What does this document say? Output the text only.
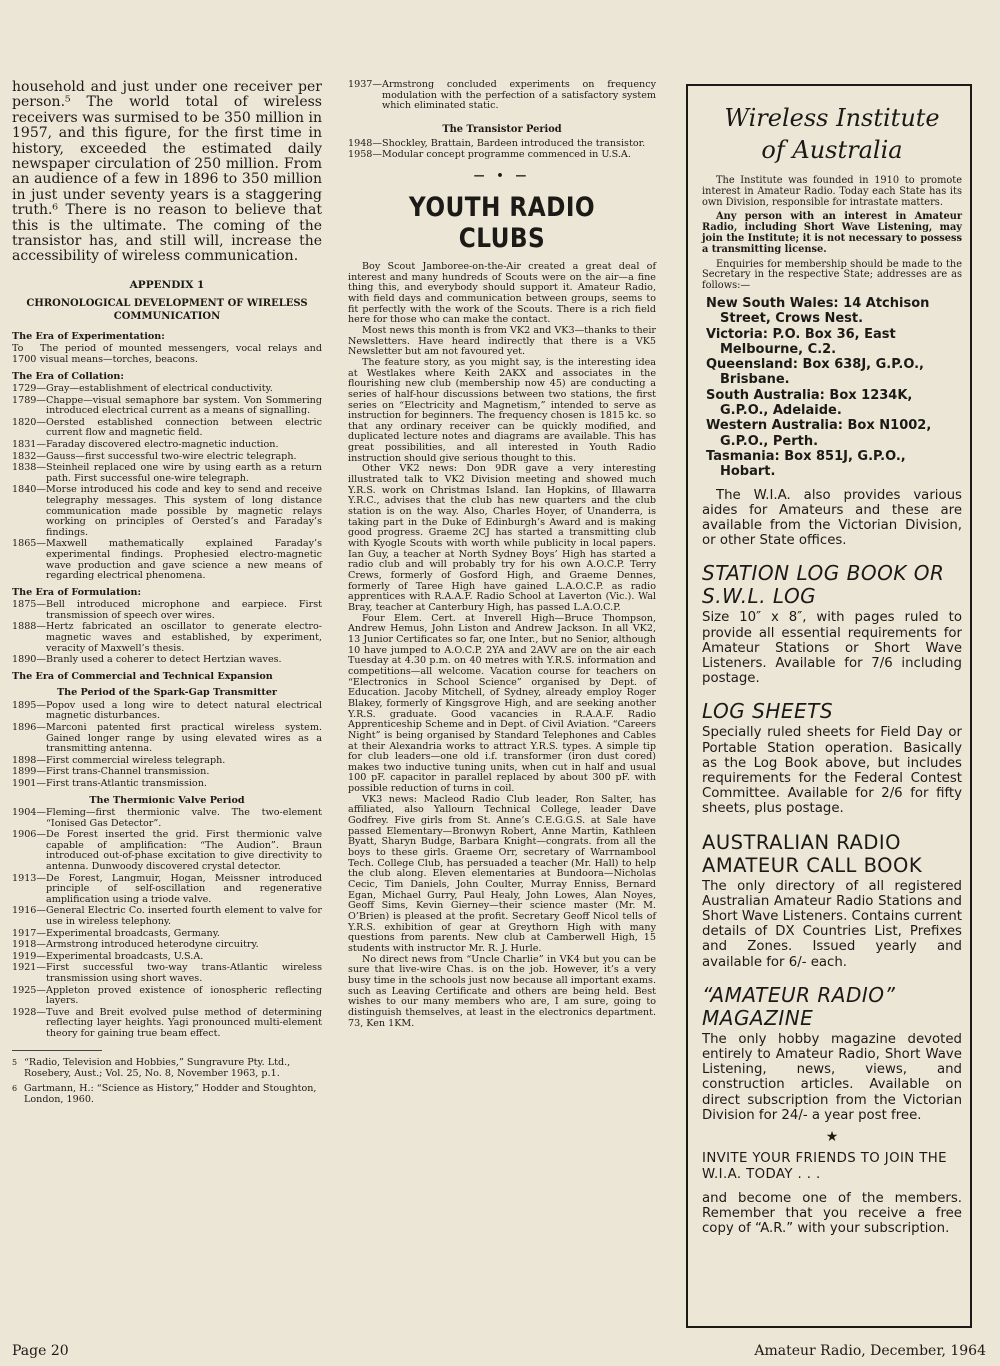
household and just under one receiver per person.⁵ The world total of wireless receivers was surmised to be 350 million in 1957, and this figure, for the first time in history, exceeded the estimated daily newspaper circulation of 250 million. From an audience of a few in 1896 to 350 million in just under seventy years is a staggering truth.⁶ There is no reason to believe that this is the ultimate. The coming of the transistor has, and still will, increase the accessibility of wireless communication.

APPENDIX 1
CHRONOLOGICAL DEVELOPMENT OF WIRELESS COMMUNICATION
The Era of Experimentation:
To 1700
The period of mounted messengers, vocal relays and visual means—torches, beacons.
The Era of Collation:
1729— Gray—establishment of electrical conductivity.
1789— Chappe—visual semaphore bar system. Von Sommering introduced electrical current as a means of signalling.
1820— Oersted established connection between electric current flow and magnetic field.
1831— Faraday discovered electro-magnetic induction.
1832— Gauss—first successful two-wire electric telegraph.
1838— Steinheil replaced one wire by using earth as a return path. First successful one-wire telegraph.
1840— Morse introduced his code and key to send and receive telegraphy messages. This system of long distance communication made possible by magnetic relays working on principles of Oersted’s and Faraday’s findings.
1865— Maxwell mathematically explained Faraday’s experimental findings. Prophesied electro-magnetic wave production and gave science a new means of regarding electrical phenomena.
The Era of Formulation:
1875— Bell introduced microphone and earpiece. First transmission of speech over wires.
1888— Hertz fabricated an oscillator to generate electro-magnetic waves and established, by experiment, veracity of Maxwell’s thesis.
1890— Branly used a coherer to detect Hertzian waves.
The Era of Commercial and Technical Expansion
The Period of the Spark-Gap Transmitter
1895— Popov used a long wire to detect natural electrical magnetic disturbances.
1896— Marconi patented first practical wireless system. Gained longer range by using elevated wires as a transmitting antenna.
1898— First commercial wireless telegraph.
1899— First trans-Channel transmission.
1901— First trans-Atlantic transmission.
The Thermionic Valve Period
1904— Fleming—first thermionic valve. The two-element “Ionised Gas Detector”.
1906— De Forest inserted the grid. First thermionic valve capable of amplification: “The Audion”. Braun introduced out-of-phase excitation to give directivity to antenna. Dunwoody discovered crystal detector.
1913— De Forest, Langmuir, Hogan, Meissner introduced principle of self-oscillation and regenerative amplification using a triode valve.
1916— General Electric Co. inserted fourth element to valve for use in wireless telephony.
1917— Experimental broadcasts, Germany.
1918— Armstrong introduced heterodyne circuitry.
1919— Experimental broadcasts, U.S.A.
1921— First successful two-way trans-Atlantic wireless transmission using short waves.
1925— Appleton proved existence of ionospheric reflecting layers.
1928— Tuve and Breit evolved pulse method of determining reflecting layer heights. Yagi pronounced multi-element theory for gaining true beam effect.
5 “Radio, Television and Hobbies,” Sungravure Pty. Ltd., Rosebery, Aust.; Vol. 25, No. 8, November 1963, p.1.
6 Gartmann, H.: “Science as History,” Hodder and Stoughton, London, 1960.
1937— Armstrong concluded experiments on frequency modulation with the perfection of a satisfactory system which eliminated static.
The Transistor Period
1948— Shockley, Brattain, Bardeen introduced the transistor.
1958— Modular concept programme commenced in U.S.A.
— • —
YOUTH RADIO CLUBS

Boy Scout Jamboree-on-the-Air created a great deal of interest and many hundreds of Scouts were on the air—a fine thing this, and everybody should support it. Amateur Radio, with field days and communication between groups, seems to fit perfectly with the work of the Scouts. There is a rich field here for those who can make the contact.

Most news this month is from VK2 and VK3—thanks to their Newsletters. Have heard indirectly that there is a VK5 Newsletter but am not favoured yet.

The feature story, as you might say, is the interesting idea at Westlakes where Keith 2AKX and associates in the flourishing new club (membership now 45) are conducting a series of half-hour discussions between two stations, the first series on “Electricity and Magnetism,” intended to serve as instruction for beginners. The frequency chosen is 1815 kc. so that any ordinary receiver can be quickly modified, and duplicated lecture notes and diagrams are available. This has great possibilities, and all interested in Youth Radio instruction should give serious thought to this.

Other VK2 news: Don 9DR gave a very interesting illustrated talk to VK2 Division meeting and showed much Y.R.S. work on Christmas Island. Ian Hopkins, of Illawarra Y.R.C., advises that the club has new quarters and the club station is on the way. Also, Charles Hoyer, of Unanderra, is taking part in the Duke of Edinburgh’s Award and is making good progress. Graeme 2CJ has started a transmitting club with Kyogle Scouts with worth while publicity in local papers. Ian Guy, a teacher at North Sydney Boys’ High has started a radio club and will probably try for his own A.O.C.P. Terry Crews, formerly of Gosford High, and Graeme Dennes, formerly of Taree High have gained L.A.O.C.P. as radio apprentices with R.A.A.F. Radio School at Laverton (Vic.). Wal Bray, teacher at Canterbury High, has passed L.A.O.C.P.

Four Elem. Cert. at Inverell High—Bruce Thompson, Andrew Hemus, John Liston and Andrew Jackson. In all VK2, 13 Junior Certificates so far, one Inter., but no Senior, although 10 have jumped to A.O.C.P. 2YA and 2AVV are on the air each Tuesday at 4.30 p.m. on 40 metres with Y.R.S. information and competitions—all welcome. Vacation course for teachers on “Electronics in School Science” organised by Dept. of Education. Jacoby Mitchell, of Sydney, already employ Roger Blakey, formerly of Kingsgrove High, and are seeking another Y.R.S. graduate. Good vacancies in R.A.A.F. Radio Apprenticeship Scheme and in Dept. of Civil Aviation. “Careers Night” is being organised by Standard Telephones and Cables at their Alexandria works to attract Y.R.S. types. A simple tip for club leaders—one old i.f. transformer (iron dust cored) makes two inductive tuning units, when cut in half and usual 100 pF. capacitor in parallel replaced by about 300 pF. with possible reduction of turns in coil.

VK3 news: Macleod Radio Club leader, Ron Salter, has affiliated, also Yallourn Technical College, leader Dave Godfrey. Five girls from St. Anne’s C.E.G.G.S. at Sale have passed Elementary—Bronwyn Robert, Anne Martin, Kathleen Byatt, Sharyn Budge, Barbara Knight—congrats. from all the boys to these girls. Graeme Orr, secretary of Warrnambool Tech. College Club, has persuaded a teacher (Mr. Hall) to help the club along. Eleven elementaries at Bundoora—Nicholas Cecic, Tim Daniels, John Coulter, Murray Enniss, Bernard Egan, Michael Gurry, Paul Healy, John Lowes, Alan Noyes, Geoff Sims, Kevin Gierney—their science master (Mr. M. O’Brien) is pleased at the profit. Secretary Geoff Nicol tells of Y.R.S. exhibition of gear at Greythorn High with many questions from parents. New club at Camberwell High, 15 students with instructor Mr. R. J. Hurle.

No direct news from “Uncle Charlie” in VK4 but you can be sure that live-wire Chas. is on the job. However, it’s a very busy time in the schools just now because all important exams. such as Leaving Certificate and others are being held. Best wishes to our many members who are, I am sure, going to distinguish themselves, at least in the electronics department. 73, Ken 1KM.

Wireless Institute
of Australia

The Institute was founded in 1910 to promote interest in Amateur Radio. Today each State has its own Division, responsible for intrastate matters.

Any person with an interest in Amateur Radio, including Short Wave Listening, may join the Institute; it is not necessary to possess a transmitting license.

Enquiries for membership should be made to the Secretary in the respective State; addresses are as follows:—

New South Wales: 14 Atchison Street, Crows Nest.
Victoria: P.O. Box 36, East Melbourne, C.2.
Queensland: Box 638J, G.P.O., Brisbane.
South Australia: Box 1234K, G.P.O., Adelaide.
Western Australia: Box N1002, G.P.O., Perth.
Tasmania: Box 851J, G.P.O., Hobart.

The W.I.A. also provides various aides for Amateurs and these are available from the Victorian Division, or other State offices.

STATION LOG BOOK OR S.W.L. LOG

Size 10″ x 8″, with pages ruled to provide all essential requirements for Amateur Stations or Short Wave Listeners. Available for 7/6 including postage.

LOG SHEETS

Specially ruled sheets for Field Day or Portable Station operation. Basically as the Log Book above, but includes requirements for the Federal Contest Committee. Available for 2/6 for fifty sheets, plus postage.

AUSTRALIAN RADIO AMATEUR CALL BOOK

The only directory of all registered Australian Amateur Radio Stations and Short Wave Listeners. Contains current details of DX Countries List, Prefixes and Zones. Issued yearly and available for 6/- each.

“AMATEUR RADIO” MAGAZINE

The only hobby magazine devoted entirely to Amateur Radio, Short Wave Listening, news, views, and construction articles. Available on direct subscription from the Victorian Division for 24/- a year post free.

★
INVITE YOUR FRIENDS TO JOIN THE W.I.A. TODAY . . .

and become one of the members. Remember that you receive a free copy of “A.R.” with your subscription.

Page 20	Amateur Radio, December, 1964
